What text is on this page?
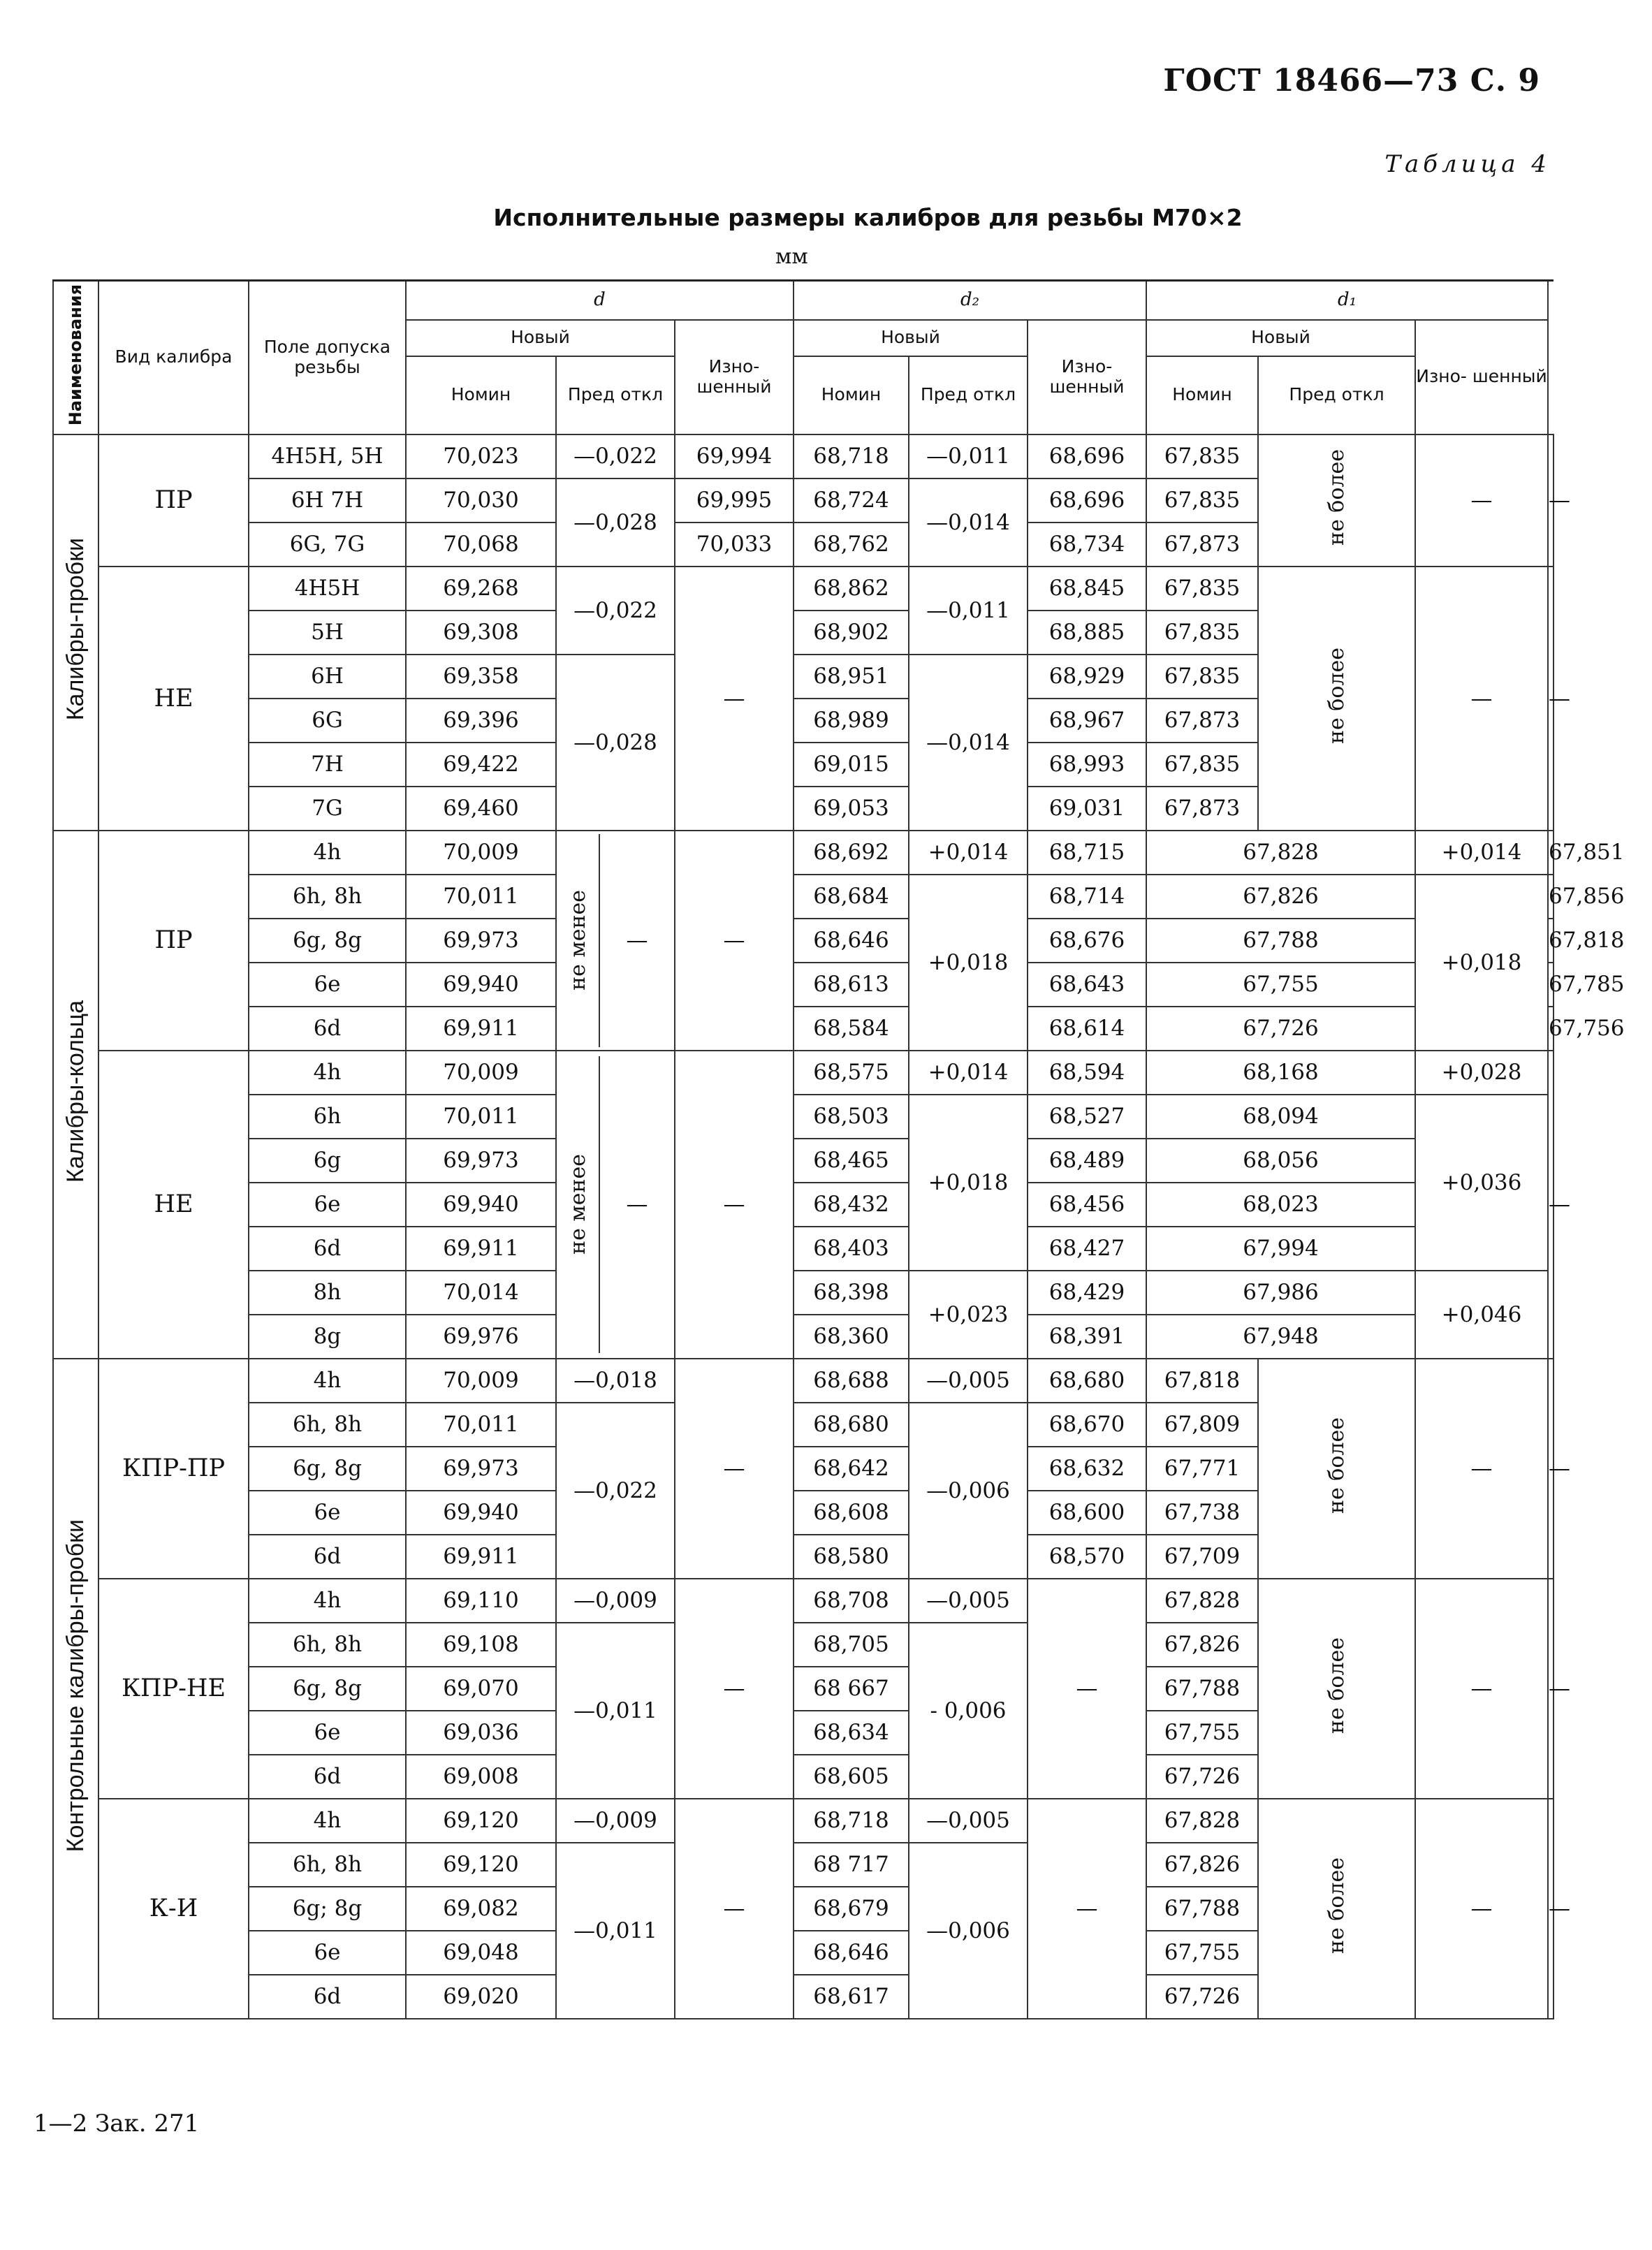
ГОСТ 18466—73 С. 9
Таблица 4
Исполнительные размеры калибров для резьбы М70×2
мм
Наименования	Вид калибра	Поле допуска резьбы	d			d₂			d₁			
			Новый		Изно- шенный	Новый		Изно- шенный	Новый		Изно- шенный	
			Номин	Пред откл		Номин	Пред откл		Номин	Пред откл		
Калибры-пробки	ПР	4H5H, 5H	70,023	—0,022	69,994	68,718	—0,011	68,696	67,835	не более	—	—
		6H 7H	70,030	—0,028	69,995	68,724	—0,014	68,696	67,835			
		6G, 7G	70,068		70,033	68,762		68,734	67,873			
	НЕ	4H5H	69,268	—0,022	—	68,862	—0,011	68,845	67,835	не более	—	—
		5H	69,308			68,902		68,885	67,835			
		6H	69,358	—0,028		68,951	—0,014	68,929	67,835			
		6G	69,396			68,989		68,967	67,873			
		7H	69,422			69,015		68,993	67,835			
		7G	69,460			69,053		69,031	67,873			
Калибры-кольца	ПР	4h	70,009	не менее —	—	68,692	+0,014	68,715	67,828		+0,014	67,851
		6h, 8h	70,011			68,684	+0,018	68,714	67,826		+0,018	67,856
		6g, 8g	69,973			68,646		68,676	67,788			67,818
		6e	69,940			68,613		68,643	67,755			67,785
		6d	69,911			68,584		68,614	67,726			67,756
	НЕ	4h	70,009	не менее —	—	68,575	+0,014	68,594	68,168		+0,028	—
		6h	70,011			68,503	+0,018	68,527	68,094		+0,036	
		6g	69,973			68,465		68,489	68,056			
		6e	69,940			68,432		68,456	68,023			
		6d	69,911			68,403		68,427	67,994			
		8h	70,014			68,398	+0,023	68,429	67,986		+0,046	
		8g	69,976			68,360		68,391	67,948			
Контрольные калибры-пробки	КПР-ПР	4h	70,009	—0,018	—	68,688	—0,005	68,680	67,818	не более	—	—
		6h, 8h	70,011	—0,022		68,680	—0,006	68,670	67,809			
		6g, 8g	69,973			68,642		68,632	67,771			
		6e	69,940			68,608		68,600	67,738			
		6d	69,911			68,580		68,570	67,709			
	КПР-НЕ	4h	69,110	—0,009	—	68,708	—0,005	—	67,828	не более	—	—
		6h, 8h	69,108	—0,011		68,705	- 0,006		67,826			
		6g, 8g	69,070			68 667			67,788			
		6e	69,036			68,634			67,755			
		6d	69,008			68,605			67,726			
	К-И	4h	69,120	—0,009	—	68,718	—0,005	—	67,828	не более	—	—
		6h, 8h	69,120	—0,011		68 717	—0,006		67,826			
		6g; 8g	69,082			68,679			67,788			
		6e	69,048			68,646			67,755			
		6d	69,020			68,617			67,726			
1—2 Зак. 271
